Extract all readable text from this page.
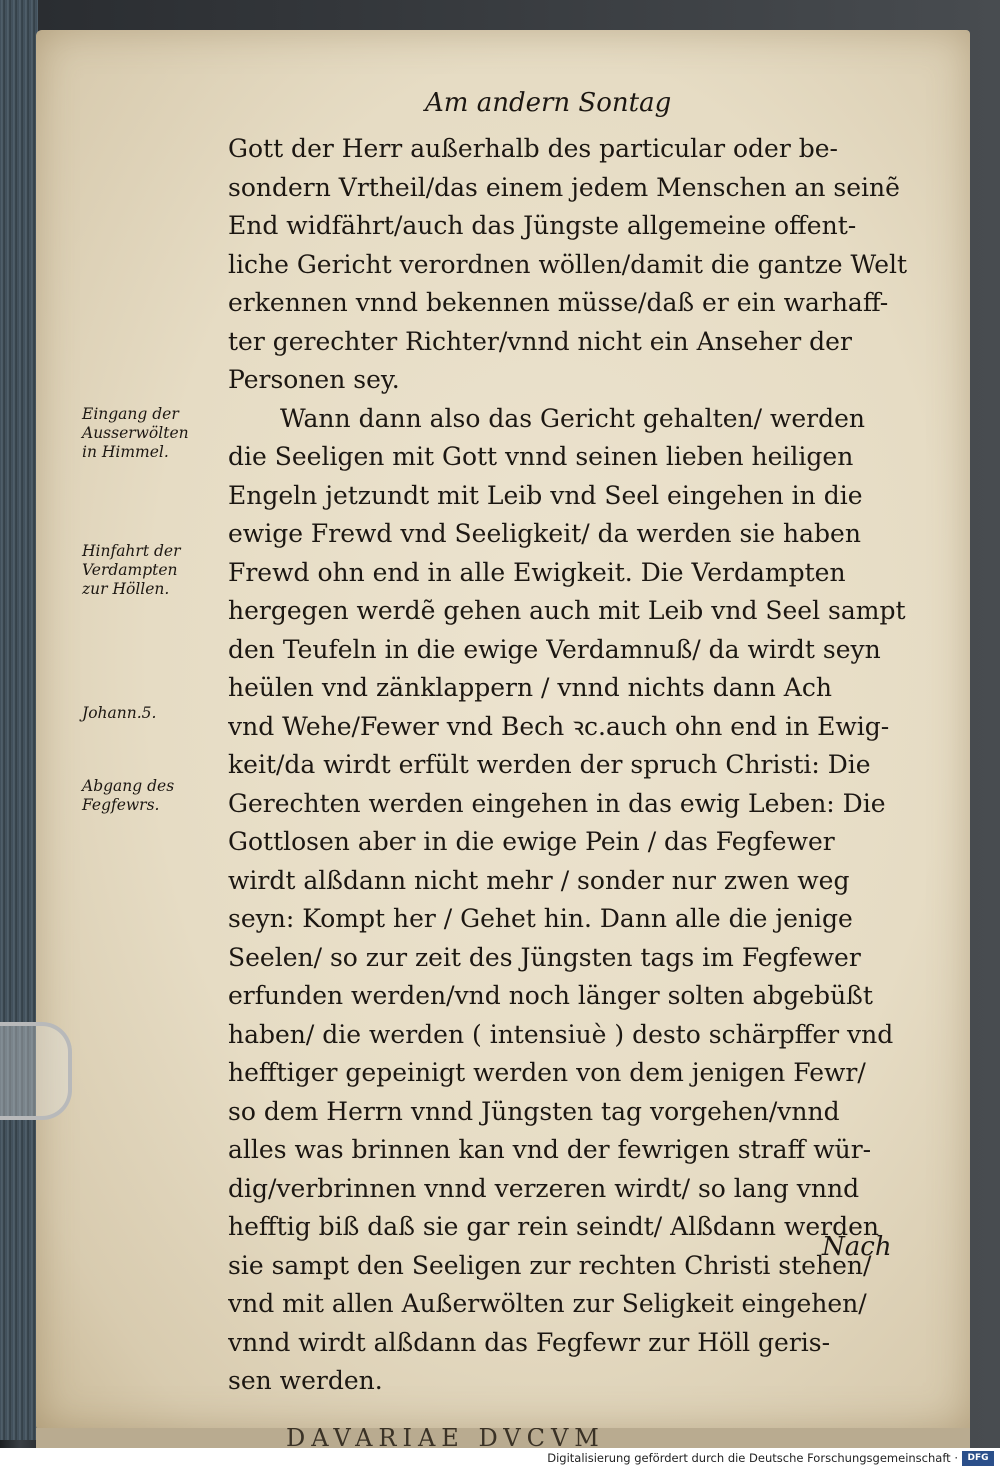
DAVARIAE DVCVM
Am andern Sontag
Gott der Herr außerhalb des particular oder be-
sondern Vrtheil/das einem jedem Menschen an seinẽ
End widfährt/auch das Jüngste allgemeine offent-
liche Gericht verordnen wöllen/damit die gantze Welt
erkennen vnnd bekennen müsse/daß er ein warhaff-
ter gerechter Richter/vnnd nicht ein Anseher der
Personen sey.
Wann dann also das Gericht gehalten/ werden
die Seeligen mit Gott vnnd seinen lieben heiligen
Engeln jetzundt mit Leib vnd Seel eingehen in die
ewige Frewd vnd Seeligkeit/ da werden sie haben
Frewd ohn end in alle Ewigkeit. Die Verdampten
hergegen werdẽ gehen auch mit Leib vnd Seel sampt
den Teufeln in die ewige Verdamnuß/ da wirdt seyn
heülen vnd zänklappern / vnnd nichts dann Ach
vnd Wehe/Fewer vnd Bech ꝛc.auch ohn end in Ewig-
keit/da wirdt erfült werden der spruch Christi: Die
Gerechten werden eingehen in das ewig Leben: Die
Gottlosen aber in die ewige Pein / das Fegfewer
wirdt alßdann nicht mehr / sonder nur zwen weg
seyn: Kompt her / Gehet hin. Dann alle die jenige
Seelen/ so zur zeit des Jüngsten tags im Fegfewer
erfunden werden/vnd noch länger solten abgebüßt
haben/ die werden ( intensiuè ) desto schärpffer vnd
hefftiger gepeinigt werden von dem jenigen Fewr/
so dem Herrn vnnd Jüngsten tag vorgehen/vnnd
alles was brinnen kan vnd der fewrigen straff wür-
dig/verbrinnen vnnd verzeren wirdt/ so lang vnnd
hefftig biß daß sie gar rein seindt/ Alßdann werden
sie sampt den Seeligen zur rechten Christi stehen/
vnd mit allen Außerwölten zur Seligkeit eingehen/
vnnd wirdt alßdann das Fegfewr zur Höll geris-
sen werden.
Nach
Eingang der
Ausserwölten
in Himmel.
Hinfahrt der
Verdampten
zur Höllen.
Johann.5.
Abgang des
Fegfewrs.
Digitalisierung gefördert durch die Deutsche Forschungsgemeinschaft ·	DFG
